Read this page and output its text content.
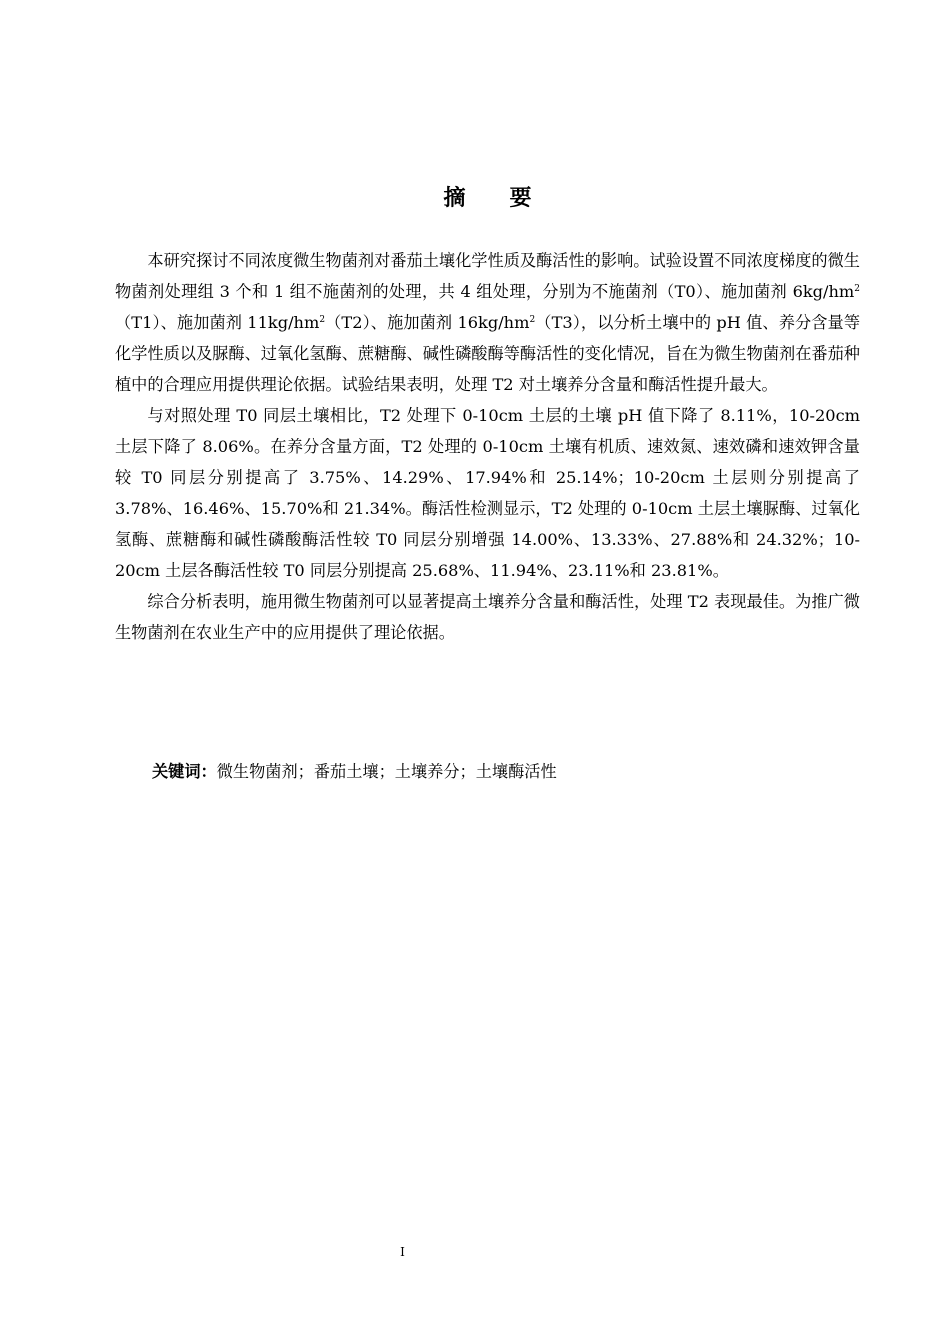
摘 要

本研究探讨不同浓度微生物菌剂对番茄土壤化学性质及酶活性的影响。试验设置不同浓度梯度的微生物菌剂处理组 3 个和 1 组不施菌剂的处理，共 4 组处理，分别为不施菌剂（T0）、施加菌剂 $6kg/hm^2(T1)$、施加菌剂 $11kg/hm^2(T2)$、施加菌剂 $16kg/hm^2(T3)$，以分析土壤中的 pH 值、养分含量等化学性质以及脲酶、过氧化氢酶、蔗糖酶、碱性磷酸酶等酶活性的变化情况，旨在为微生物菌剂在番茄种植中的合理应用提供理论依据。试验结果表明，处理 T2 对土壤养分含量和酶活性提升最大。

与对照处理 T0 同层土壤相比，T2 处理下 0-10cm 土层的土壤 pH 值下降了 8.11%，10-20cm 土层下降了 8.06%。在养分含量方面，T2 处理的 0-10cm 土壤有机质、速效氮、速效磷和速效钾含量较 T0 同层分别提高了 3.75%、14.29%、17.94%和 25.14%；10-20cm 土层则分别提高了 3.78%、16.46%、15.70%和 21.34%。酶活性检测显示，T2 处理的 0-10cm 土层土壤脲酶、过氧化氢酶、蔗糖酶和碱性磷酸酶活性较 T0 同层分别增强 14.00%、13.33%、27.88%和 24.32%；10-20cm 土层各酶活性较 T0 同层分别提高 25.68%、11.94%、23.11%和 23.81%。

综合分析表明，施用微生物菌剂可以显著提高土壤养分含量和酶活性，处理 T2 表现最佳。为推广微生物菌剂在农业生产中的应用提供了理论依据。

关键词：微生物菌剂；番茄土壤；土壤养分；土壤酶活性
I
